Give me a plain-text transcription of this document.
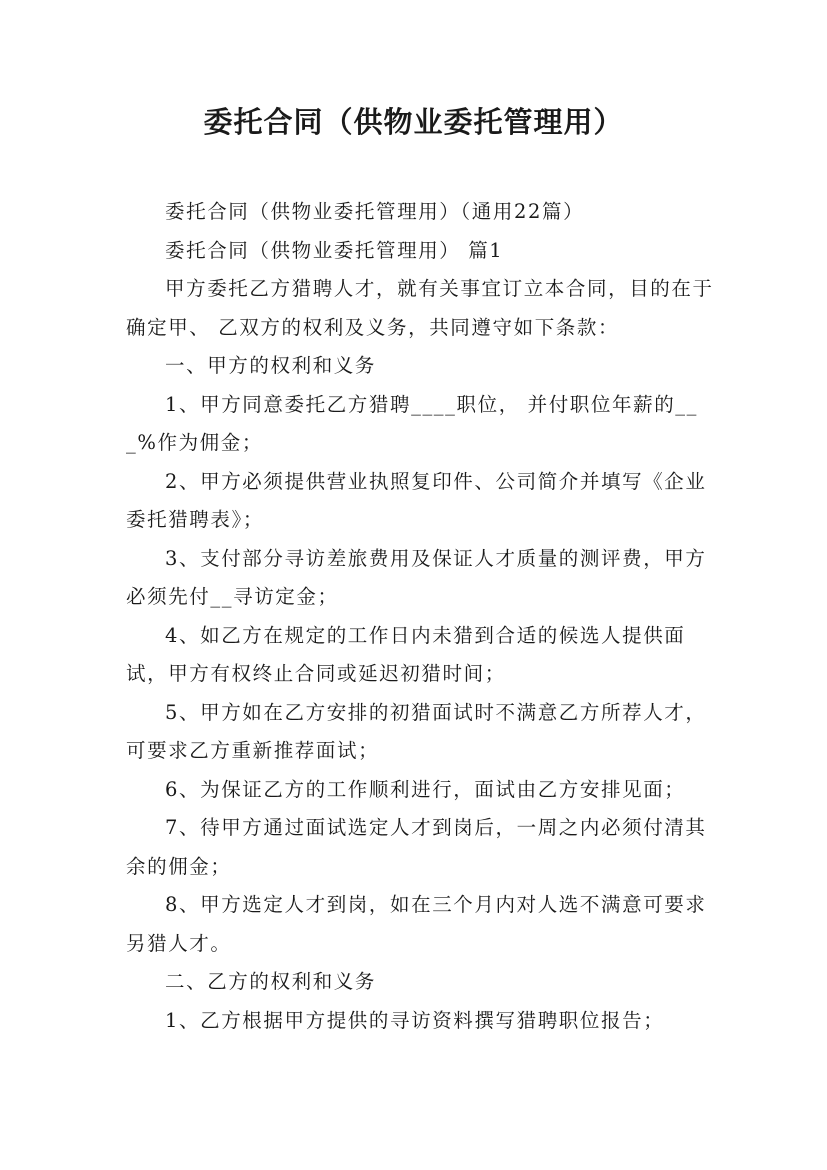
委托合同（供物业委托管理用）

委托合同（供物业委托管理用）（通用22篇）

委托合同（供物业委托管理用） 篇1

甲方委托乙方猎聘人才，就有关事宜订立本合同，目的在于确定甲、 乙双方的权利及义务，共同遵守如下条款：

一、甲方的权利和义务

1、甲方同意委托乙方猎聘____职位， 并付职位年薪的___%作为佣金；

2、甲方必须提供营业执照复印件、公司简介并填写《企业委托猎聘表》；

3、支付部分寻访差旅费用及保证人才质量的测评费，甲方必须先付__寻访定金；

4、如乙方在规定的工作日内未猎到合适的候选人提供面试，甲方有权终止合同或延迟初猎时间；

5、甲方如在乙方安排的初猎面试时不满意乙方所荐人才，可要求乙方重新推荐面试；

6、为保证乙方的工作顺利进行，面试由乙方安排见面；

7、待甲方通过面试选定人才到岗后，一周之内必须付清其余的佣金；

8、甲方选定人才到岗，如在三个月内对人选不满意可要求另猎人才。

二、乙方的权利和义务

1、乙方根据甲方提供的寻访资料撰写猎聘职位报告；
